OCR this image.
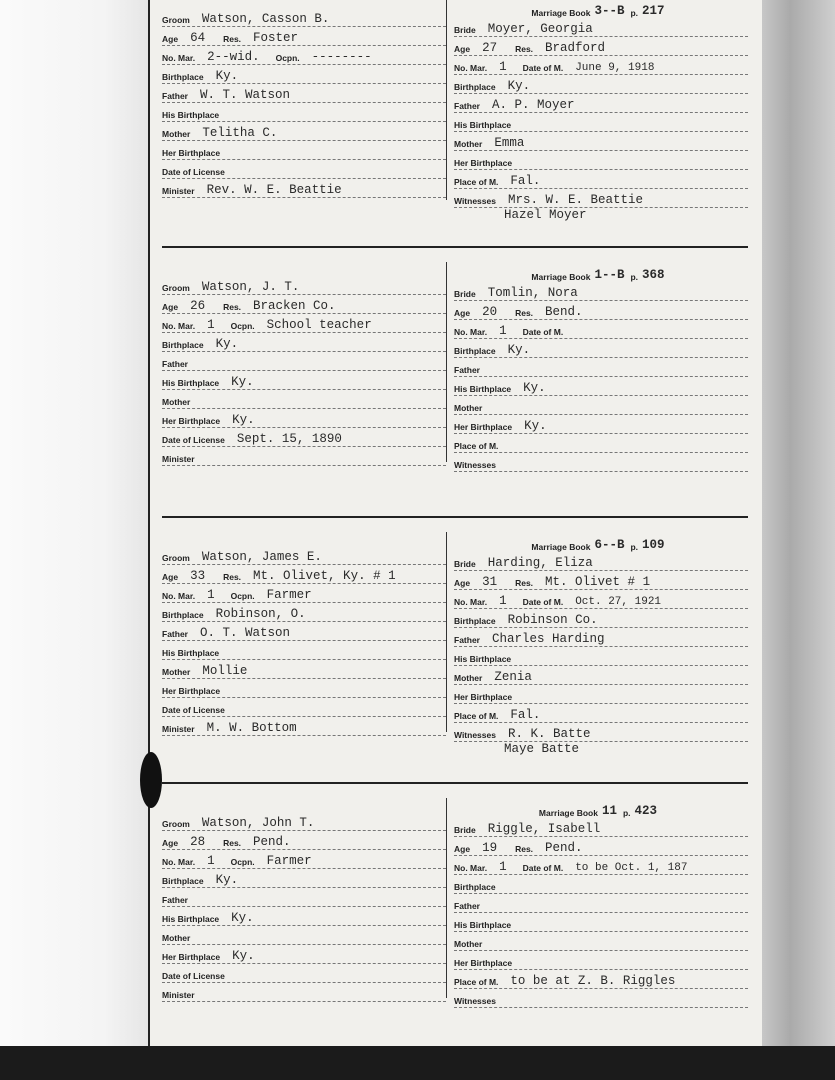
Groom Watson, Casson B.
Age 64 Res. Foster
No. Mar. 2--wid. Ocpn. --------
Birthplace Ky.
Father W. T. Watson
His Birthplace
Mother Telitha C.
Her Birthplace
Date of License
Minister Rev. W. E. Beattie
Marriage Book 3--B p. 217
Bride Moyer, Georgia
Age 27 Res. Bradford
No. Mar. 1 Date of M.	June 9, 1918
Birthplace Ky.
Father A. P. Moyer
His Birthplace
Mother Emma
Her Birthplace
Place of M. Fal.
Witnesses Mrs. W. E. Beattie
Hazel Moyer
Groom Watson, J. T.
Age 26 Res. Bracken Co.
No. Mar. 1 Ocpn. School teacher
Birthplace Ky.
Father
His Birthplace Ky.
Mother
Her Birthplace Ky.
Date of License Sept. 15, 1890
Minister
Marriage Book 1--B p. 368
Bride Tomlin, Nora
Age 20 Res. Bend.
No. Mar. 1 Date of M.
Birthplace Ky.
Father
His Birthplace Ky.
Mother
Her Birthplace Ky.
Place of M.
Witnesses
Groom Watson, James E.
Age 33 Res. Mt. Olivet, Ky. # 1
No. Mar. 1 Ocpn. Farmer
Birthplace Robinson, O.
Father O. T. Watson
His Birthplace
Mother Mollie
Her Birthplace
Date of License
Minister M. W. Bottom
Marriage Book 6--B p. 109
Bride Harding, Eliza
Age 31 Res. Mt. Olivet # 1
No. Mar. 1 Date of M.	Oct. 27, 1921
Birthplace Robinson Co.
Father Charles Harding
His Birthplace
Mother Zenia
Her Birthplace
Place of M. Fal.
Witnesses R. K. Batte
Maye Batte
Groom Watson, John T.
Age 28 Res. Pend.
No. Mar. 1 Ocpn. Farmer
Birthplace Ky.
Father
His Birthplace Ky.
Mother
Her Birthplace Ky.
Date of License
Minister
Marriage Book 11 p. 423
Bride Riggle, Isabell
Age 19 Res. Pend.
No. Mar. 1 Date of M.	to be Oct. 1, 187
Birthplace
Father
His Birthplace
Mother
Her Birthplace
Place of M. to be at Z. B. Riggles
Witnesses
